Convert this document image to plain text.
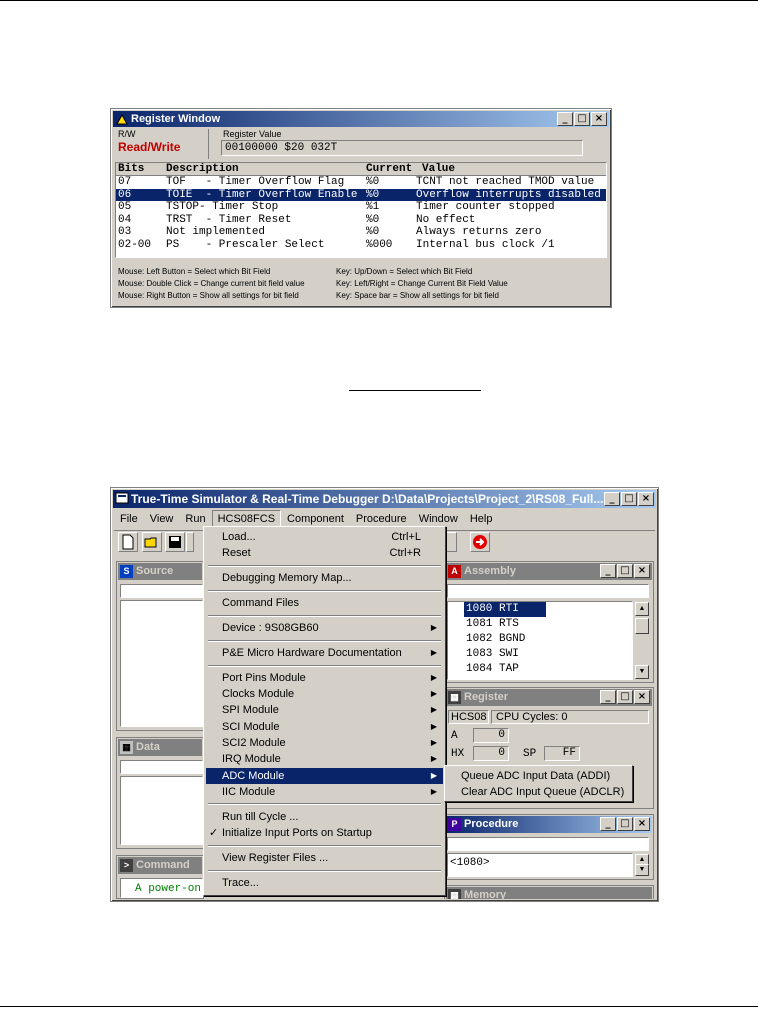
Register Window	_ □ ×
R/W
Read/Write
Register Value
00100000 $20 032T
Bits Description	Current Value
07	TOF   - Timer Overflow Flag %0	TCNT not reached TMOD value
06	TOIE  - Timer Overflow Enable %0	Overflow interrupts disabled
05	TSTOP- Timer Stop	%1	Timer counter stopped
04	TRST  - Timer Reset	%0	No effect
03	Not implemented	%0	Always returns zero
02-00 PS    - Prescaler Select	%000 Internal bus clock /1
Mouse: Left Button = Select which Bit Field
Mouse: Double Click = Change current bit field value
Mouse: Right Button = Show all settings for bit field
Key: Up/Down = Select which Bit Field
Key: Left/Right = Change Current Bit Field Value
Key: Space bar = Show all settings for bit field
True-Time Simulator & Real-Time Debugger D:\Data\Projects\Project_2\RS08_Full... _ □ ×
File	View	Run	HCS08FCS	Component	Procedure	Window	Help
S Source
▦ Data
> Command
A power-on
A Assembly	_ □ ×
1080 RTI
1081 RTS
1082 BGND
1083 SWI
1084 TAP
▲
▼
▦ Register	_ □ ×
HCS08 CPU Cycles: 0
A	0
HX	0	SP	FF
P Procedure	_ □ ×
<1080>	▲
▼
▦ Memory
Load...	Ctrl+L
Reset	Ctrl+R
Debugging Memory Map...
Command Files
Device : 9S08GB60	▶
P&E Micro Hardware Documentation	▶
Port Pins Module	▶
Clocks Module	▶
SPI Module	▶
SCI Module	▶
SCI2 Module	▶
IRQ Module	▶
ADC Module	▶
IIC Module	▶
Run till Cycle ...
✓ Initialize Input Ports on Startup
View Register Files ...
Trace...
Queue ADC Input Data (ADDI)
Clear ADC Input Queue (ADCLR)
